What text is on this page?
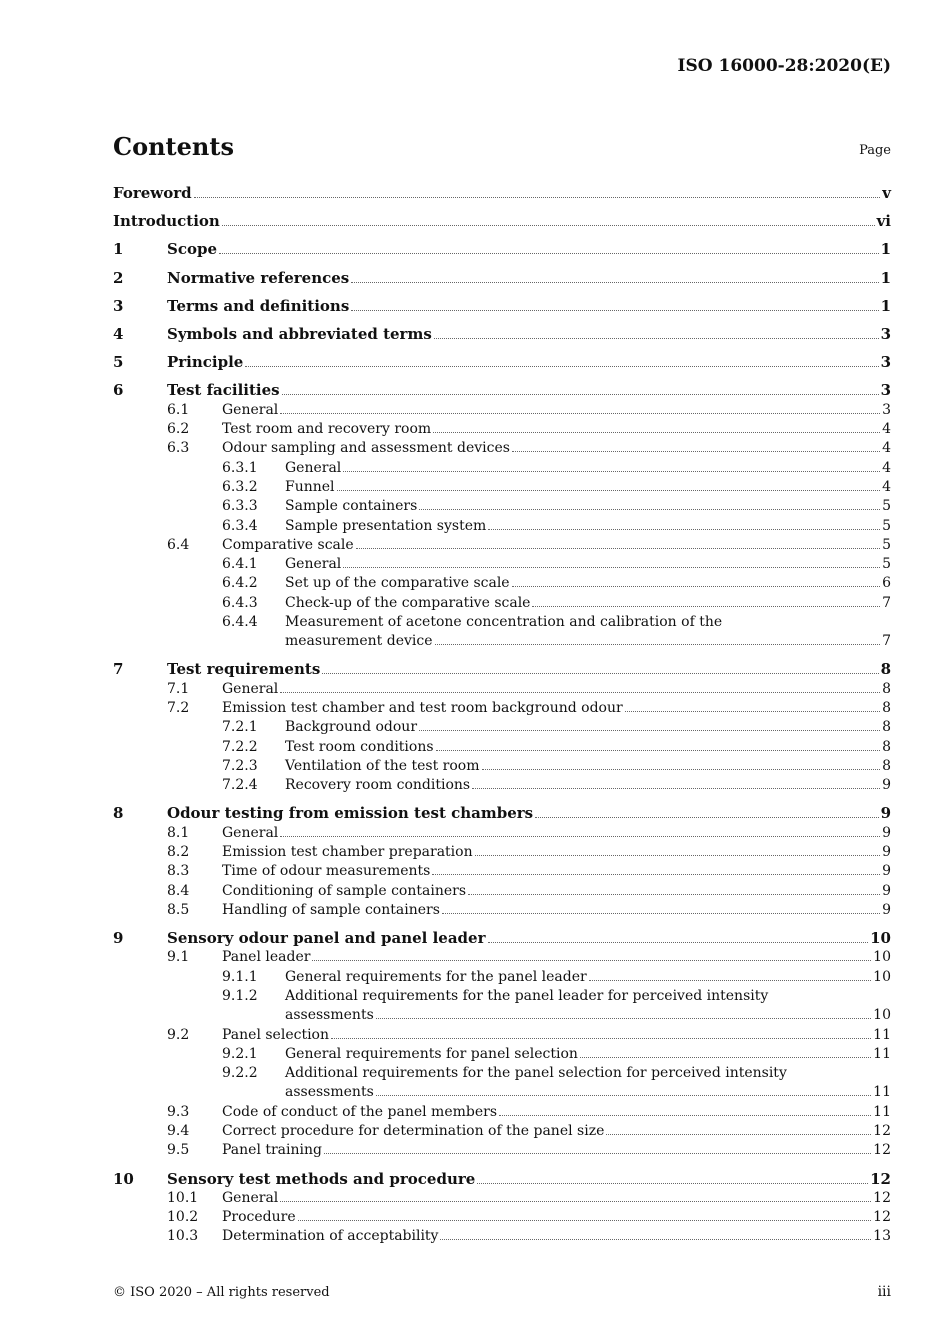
ISO 16000-28:2020(E)
Contents	Page
Foreword	v
Introduction	vi
1	Scope	1
2	Normative references	1
3	Terms and definitions	1
4	Symbols and abbreviated terms	3
5	Principle	3
6	Test facilities	3
6.1	General	3
6.2	Test room and recovery room	4
6.3	Odour sampling and assessment devices	4
6.3.1	General	4
6.3.2	Funnel	4
6.3.3	Sample containers	5
6.3.4	Sample presentation system	5
6.4	Comparative scale	5
6.4.1	General	5
6.4.2	Set up of the comparative scale	6
6.4.3	Check-up of the comparative scale	7
6.4.4	Measurement of acetone concentration and calibration of the
measurement device	7
7	Test requirements	8
7.1	General	8
7.2	Emission test chamber and test room background odour	8
7.2.1	Background odour	8
7.2.2	Test room conditions	8
7.2.3	Ventilation of the test room	8
7.2.4	Recovery room conditions	9
8	Odour testing from emission test chambers	9
8.1	General	9
8.2	Emission test chamber preparation	9
8.3	Time of odour measurements	9
8.4	Conditioning of sample containers	9
8.5	Handling of sample containers	9
9	Sensory odour panel and panel leader	10
9.1	Panel leader	10
9.1.1	General requirements for the panel leader	10
9.1.2	Additional requirements for the panel leader for perceived intensity
assessments	10
9.2	Panel selection	11
9.2.1	General requirements for panel selection	11
9.2.2	Additional requirements for the panel selection for perceived intensity
assessments	11
9.3	Code of conduct of the panel members	11
9.4	Correct procedure for determination of the panel size	12
9.5	Panel training	12
10	Sensory test methods and procedure	12
10.1	General	12
10.2	Procedure	12
10.3	Determination of acceptability	13
© ISO 2020 – All rights reserved	iii
